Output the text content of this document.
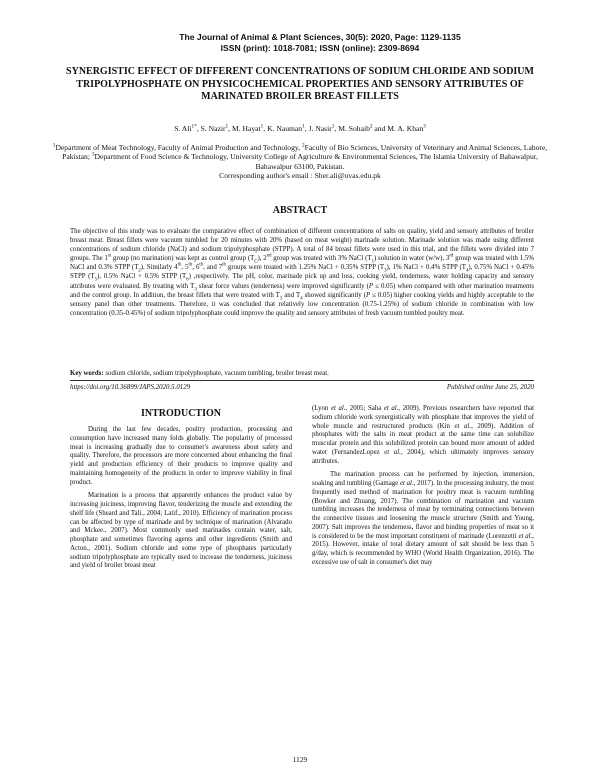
The Journal of Animal & Plant Sciences, 30(5): 2020, Page: 1129-1135
ISSN (print): 1018-7081; ISSN (online): 2309-8694
SYNERGISTIC EFFECT OF DIFFERENT CONCENTRATIONS OF SODIUM CHLORIDE AND SODIUM TRIPOLYPHOSPHATE ON PHYSICOCHEMICAL PROPERTIES AND SENSORY ATTRIBUTES OF MARINATED BROILER BREAST FILLETS
S. Ali$^{1*}$, S. Nazir$^1$, M. Hayat$^1$, K. Nauman$^1$, J. Nasir$^1$, M. Sohaib$^2$ and M. A. Khan$^3$
$^1$Department of Meat Technology, Faculty of Animal Production and Technology, $^2$Faculty of Bio Sciences, University of Veterinary and Animal Sciences, Lahore, Pakistan; $^3$Department of Food Science & Technology, University College of Agriculture & Environmental Sciences, The Islamia University of Bahawalpur, Bahawalpur 63100, Pakistan.
Corresponding author's email : Sher.ali@uvas.edu.pk
ABSTRACT
The objective of this study was to evaluate the comparative effect of combination of different concentrations of salts on quality, yield and sensory attributes of broiler breast meat. Breast fillets were vacuum tumbled for 20 minutes with 20% (based on meat weight) marinade solution. Marinade solution was made using different concentrations of sodium chloride (NaCl) and sodium tripolyphosphate (STPP). A total of 84 breast fillets were used in this trial, and the fillets were divided into 7 groups. The 1st group (no marination) was kept as control group $(T_C)$, 2nd group was treated with 3% NaCl $(T_1)$ solution in water (w/w), 3rd group was treated with 1.5% NaCl and 0.3% STPP $(T_2)$. Similarly 4th, 5th, 6th, and 7th groups were treated with 1.25% NaCl + 0.35% STPP $(T_3)$, 1% NaCl + 0.4% STPP $(T_4)$, 0.75% NaCl + 0.45% STPP $(T_5)$, 0.5% NaCl + 0.5% STPP $(T_6)$ ,respectively. The pH, color, marinade pick up and loss, cooking yield, tenderness, water holding capacity and sensory attributes were evaluated. By treating with $T_3$ shear force values (tenderness) were improved significantly (P ≤ 0.05) when compared with other marination treatments and the control group. In addition, the breast fillets that were treated with $T_3$ and $T_4$ showed significantly (P ≤ 0.05) higher cooking yields and highly acceptable to the sensory panel than other treatments. Therefore, it was concluded that relatively low concentration (0.75-1.25%) of sodium chloride in combination with low concentration (0.35-0.45%) of sodium tripolyphosphate could improve the quality and sensory attributes of fresh vacuum tumbled poultry meat.
Key words: sodium chloride, sodium tripolyphosphate, vacuum tumbling, broiler breast meat.
https://doi.org/10.36899/JAPS.2020.5.0129	Published online June 25, 2020
INTRODUCTION

During the last few decades, poultry production, processing and consumption have increased many folds globally. The popularity of processed meat is increasing gradually due to consumer's awareness about safety and quality. Therefore, the processors are more concerned about enhancing the final yield and production efficiency of their products to improve quality and maintaining homogeneity of the products in order to improve viability in final product.

Marination is a process that apparently enhances the product value by increasing juiciness, improving flavor, tenderizing the muscle and extending the shelf life (Sheard and Tali., 2004; Latif., 2010). Efficiency of marination process can be affected by type of marinade and by technique of marination (Alvarado and Mckee., 2007). Most commonly used marinades contain water, salt, phosphate and sometimes flavoring agents and other ingredients (Smith and Acton., 2001). Sodium chloride and some type of phosphates particularly sodium tripolyphosphate are typically used to increase the tenderness, juiciness and yield of broiler breast meat

(Lyon et al., 2005; Saha et al., 2009). Previous researchers have reported that sodium chloride work synergistically with phosphate that improves the yield of whole muscle and restructured products (Kin et al., 2009). Addition of phosphates with the salts in meat product at the same time can solubilize muscular protein and this solubilized protein can bound more amount of added water (FernandezLopez et al., 2004), which ultimately improves sensory attributes.

The marination process can be performed by injection, immersion, soaking and tumbling (Gamage et al., 2017). In the processing industry, the most frequently used method of marination for poultry meat is vacuum tumbling (Bowker and Zhuang, 2017). The combination of marination and vacuum tumbling increases the tenderness of meat by terminating connections between the connective tissues and loosening the muscle structure (Smith and Young, 2007). Salt improves the tenderness, flavor and binding properties of meat so it is considered to be the most important constituent of marinade (Lorenzetti et al., 2015). However, intake of total dietary amount of salt should be less than 5 g/day, which is recommended by WHO (World Health Organization, 2016). The excessive use of salt in consumer's diet may

1129
